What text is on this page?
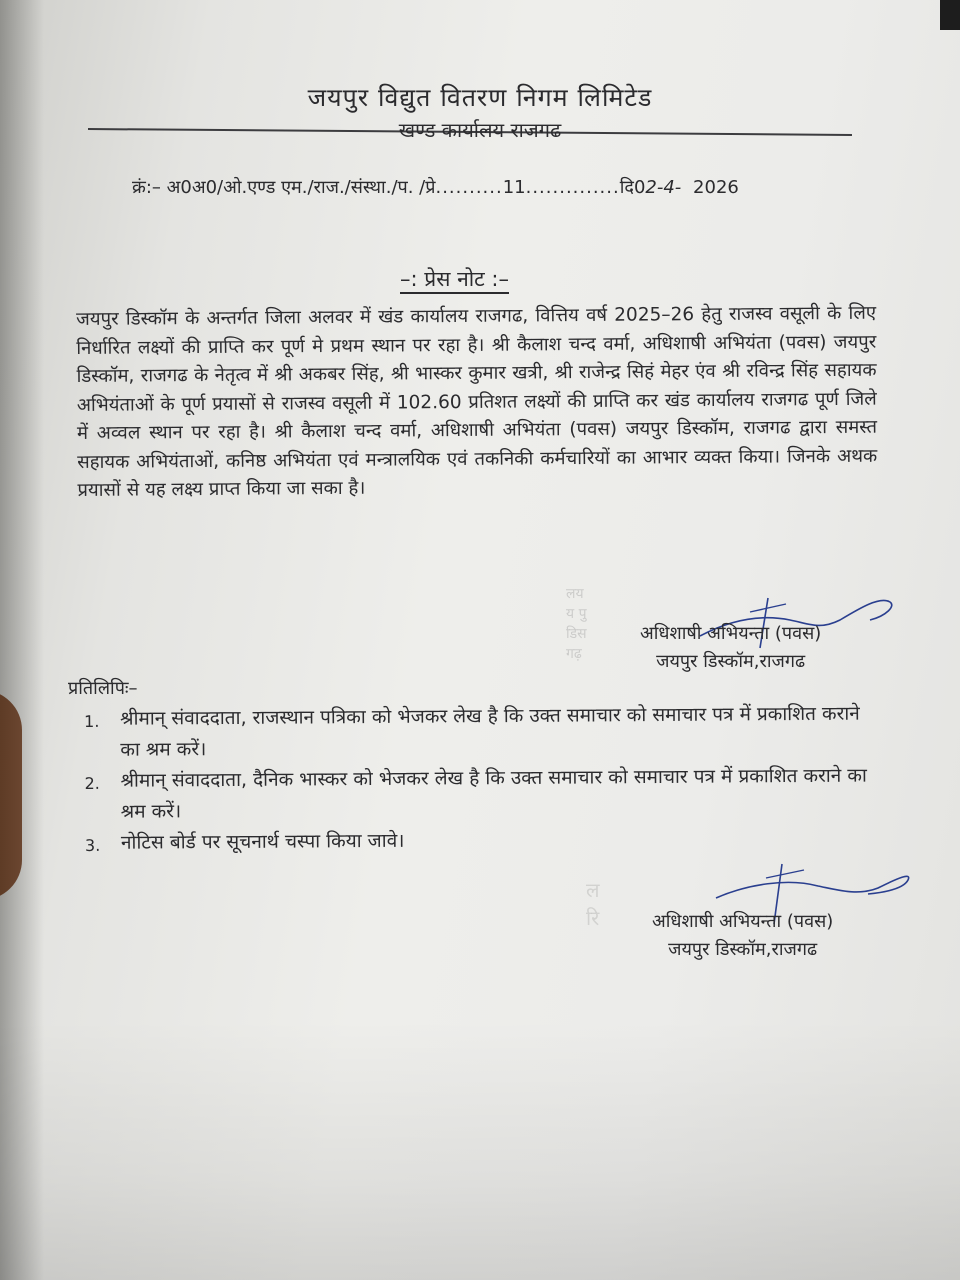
जयपुर विद्युत वितरण निगम लिमिटेड
खण्ड कार्यालय राजगढ
क्रं:– अ0अ0/ओ.एण्ड एम./राज./संस्था./प. /प्रे..........11..............दि02-4- 2026
–: प्रेस नोट :–
जयपुर डिस्कॉम के अन्तर्गत जिला अलवर में खंड कार्यालय राजगढ, वित्तिय वर्ष 2025–26 हेतु राजस्व वसूली के लिए निर्धारित लक्ष्यों की प्राप्ति कर पूर्ण मे प्रथम स्थान पर रहा है। श्री कैलाश चन्द वर्मा, अधिशाषी अभियंता (पवस) जयपुर डिस्कॉम, राजगढ के नेतृत्व में श्री अकबर सिंह, श्री भास्कर कुमार खत्री, श्री राजेन्द्र सिहं मेहर एंव श्री रविन्द्र सिंह सहायक अभियंताओं के पूर्ण प्रयासों से राजस्व वसूली में 102.60 प्रतिशत लक्ष्यों की प्राप्ति कर खंड कार्यालय राजगढ पूर्ण जिले में अव्वल स्थान पर रहा है। श्री कैलाश चन्द वर्मा, अधिशाषी अभियंता (पवस) जयपुर डिस्कॉम, राजगढ द्वारा समस्त सहायक अभियंताओं, कनिष्ठ अभियंता एवं मन्त्रालयिक एवं तकनिकी कर्मचारियों का आभार व्यक्त किया। जिनके अथक प्रयासों से यह लक्ष्य प्राप्त किया जा सका है।
लय
य पु
डिस
गढ़
अधिशाषी अभियन्ता (पवस)
जयपुर डिस्कॉम,राजगढ
प्रतिलिपिः–
1.	श्रीमान् संवाददाता, राजस्थान पत्रिका को भेजकर लेख है कि उक्त समाचार को समाचार पत्र में प्रकाशित कराने का श्रम करें।
2.	श्रीमान् संवाददाता, दैनिक भास्कर को भेजकर लेख है कि उक्त समाचार को समाचार पत्र में प्रकाशित कराने का श्रम करें।
3.	नोटिस बोर्ड पर सूचनार्थ चस्पा किया जावे।
ल
रि	अधिशाषी अभियन्ता (पवस)
जयपुर डिस्कॉम,राजगढ
